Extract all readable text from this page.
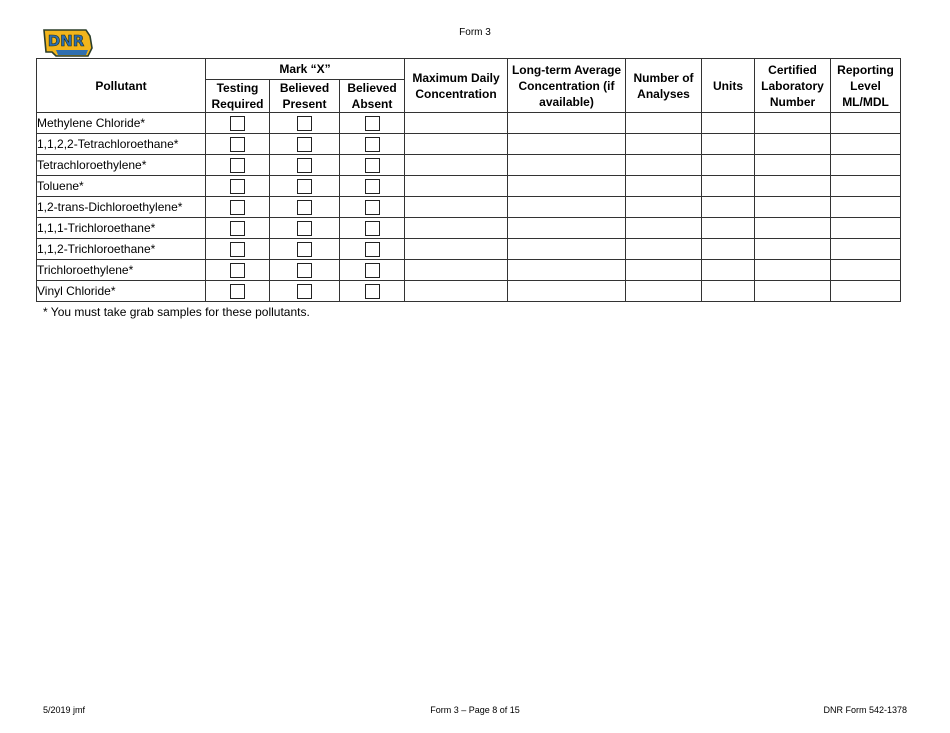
DNR	Form 3
Pollutant	Mark “X”			Maximum Daily Concentration	Long-term Average Concentration (if available)	Number of Analyses	Units	Certified Laboratory Number	Reporting Level ML/MDL
	Testing Required	Believed Present	Believed Absent						
Methylene Chloride*									
1,1,2,2-Tetrachloroethane*									
Tetrachloroethylene*									
Toluene*									
1,2-trans-Dichloroethylene*									
1,1,1-Trichloroethane*									
1,1,2-Trichloroethane*									
Trichloroethylene*									
Vinyl Chloride*									
* You must take grab samples for these pollutants.
5/2019 jmf	Form 3 – Page 8 of 15	DNR Form 542-1378
